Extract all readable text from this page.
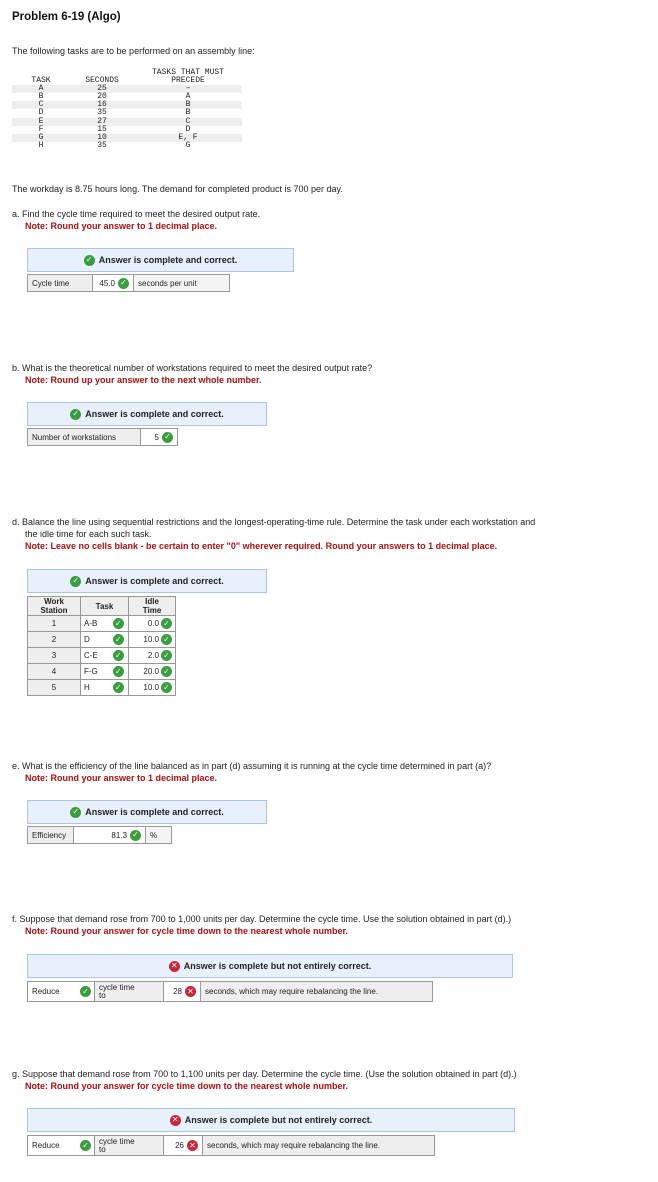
Problem 6-19 (Algo)
The following tasks are to be performed on an assembly line:
		TASKS THAT MUST
TASK	SECONDS	PRECEDE
A	25	–
B	20	A
C	16	B
D	35	B
E	27	C
F	15	D
G	10	E, F
H	35	G
The workday is 8.75 hours long. The demand for completed product is 700 per day.
a. Find the cycle time required to meet the desired output rate.
Note: Round your answer to 1 decimal place.
✓ Answer is complete and correct.
Cycle time	45.0 ✓	seconds per unit
b. What is the theoretical number of workstations required to meet the desired output rate?
Note: Round up your answer to the next whole number.
✓ Answer is complete and correct.
Number of workstations	5 ✓
d. Balance the line using sequential restrictions and the longest-operating-time rule. Determine the task under each workstation and
the idle time for each such task.
Note: Leave no cells blank - be certain to enter "0" wherever required. Round your answers to 1 decimal place.
✓ Answer is complete and correct.
Work
Station	Task		Idle
Time
1	A-B	✓	0.0 ✓

2	D	✓	10.0 ✓

3	C-E	✓	2.0 ✓

4	F-G	✓	20.0 ✓

5	H	✓	10.0 ✓
e. What is the efficiency of the line balanced as in part (d) assuming it is running at the cycle time determined in part (a)?
Note: Round your answer to 1 decimal place.
✓ Answer is complete and correct.
Efficiency	81.3 ✓	%
f. Suppose that demand rose from 700 to 1,000 units per day. Determine the cycle time. Use the solution obtained in part (d).)
Note: Round your answer for cycle time down to the nearest whole number.
✕ Answer is complete but not entirely correct.
Reduce	✓ cycle time
to	28 ✕	seconds, which may require rebalancing the line.
g. Suppose that demand rose from 700 to 1,100 units per day. Determine the cycle time. (Use the solution obtained in part (d).)
Note: Round your answer for cycle time down to the nearest whole number.
✕ Answer is complete but not entirely correct.
Reduce	✓ cycle time
to	26 ✕	seconds, which may require rebalancing the line.
